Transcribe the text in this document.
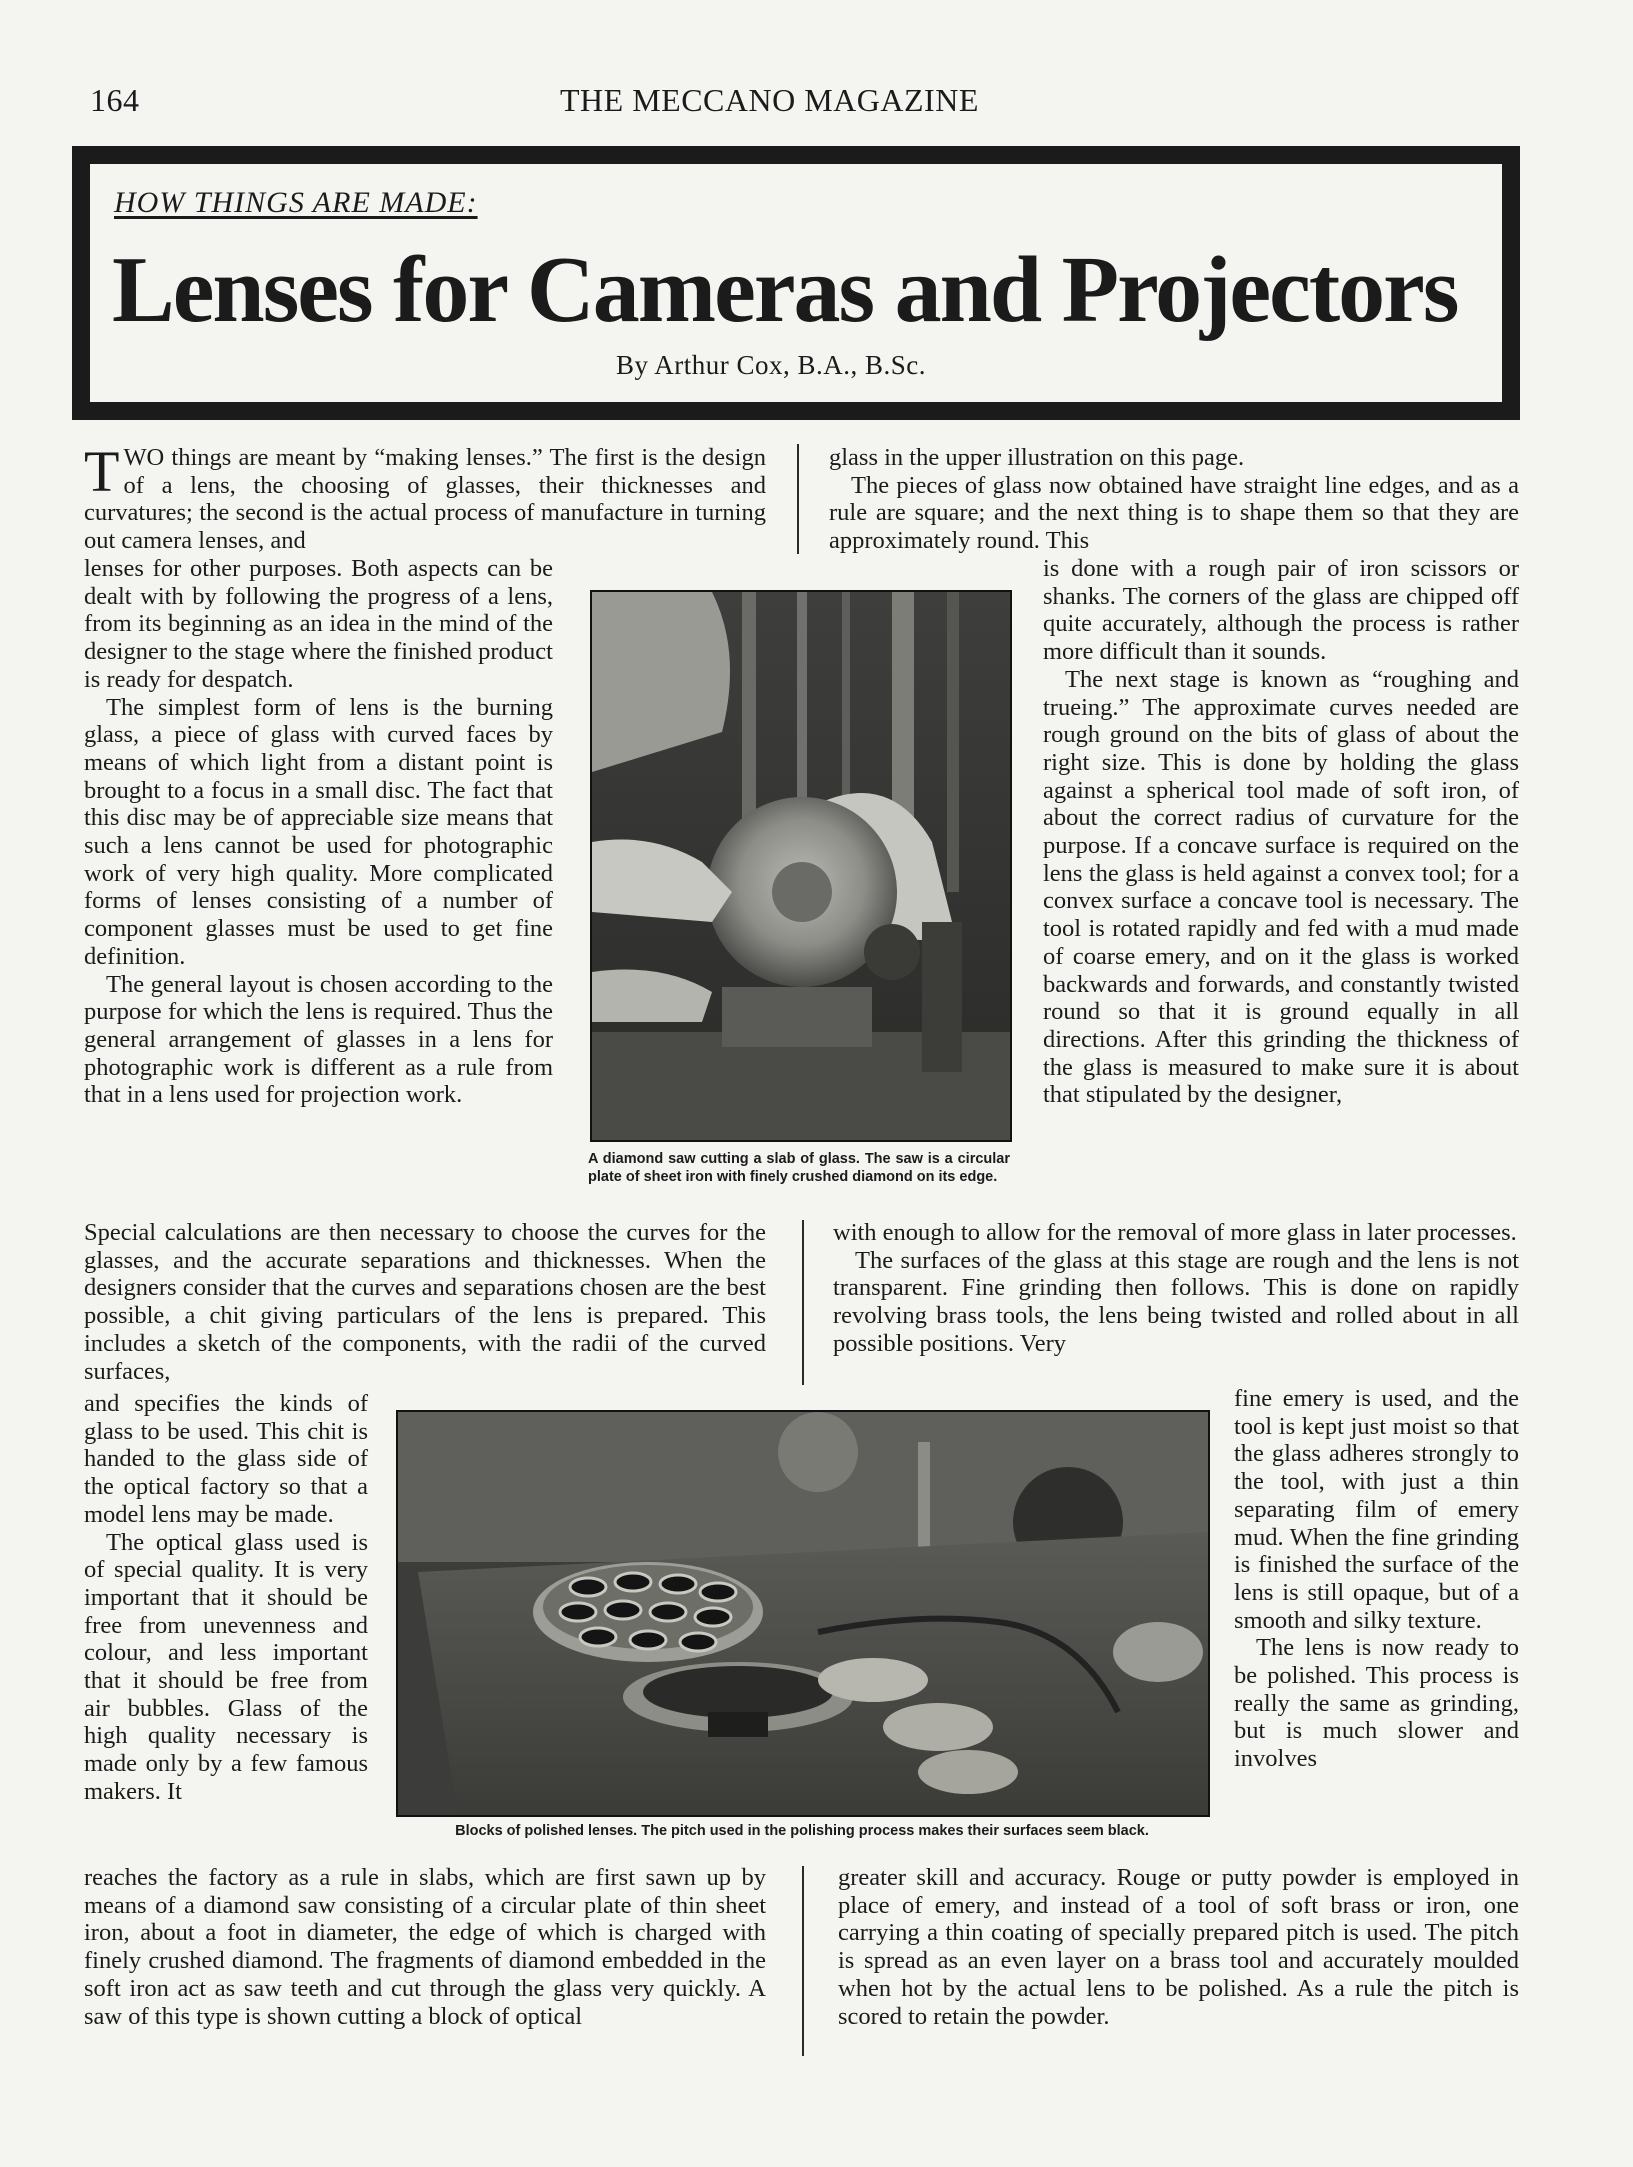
164	THE MECCANO MAGAZINE
HOW THINGS ARE MADE:
Lenses for Cameras and Projectors
By Arthur Cox, B.A., B.Sc.

TWO things are meant by “making lenses.” The first is the design of a lens, the choosing of glasses, their thicknesses and curvatures; the second is the actual process of manufacture in turning out camera lenses, and

lenses for other purposes. Both aspects can be dealt with by following the progress of a lens, from its beginning as an idea in the mind of the designer to the stage where the finished product is ready for despatch.

The simplest form of lens is the burning glass, a piece of glass with curved faces by means of which light from a distant point is brought to a focus in a small disc. The fact that this disc may be of appreciable size means that such a lens cannot be used for photographic work of very high quality. More complicated forms of lenses consisting of a number of component glasses must be used to get fine definition.

The general layout is chosen according to the purpose for which the lens is required. Thus the general arrangement of glasses in a lens for photographic work is different as a rule from that in a lens used for projection work.

Special calculations are then necessary to choose the curves for the glasses, and the accurate separations and thicknesses. When the designers consider that the curves and separations chosen are the best possible, a chit giving particulars of the lens is prepared. This includes a sketch of the components, with the radii of the curved surfaces,

and specifies the kinds of glass to be used. This chit is handed to the glass side of the optical factory so that a model lens may be made.

The optical glass used is of special quality. It is very important that it should be free from unevenness and colour, and less important that it should be free from air bubbles. Glass of the high quality necessary is made only by a few famous makers. It

reaches the factory as a rule in slabs, which are first sawn up by means of a diamond saw consisting of a circular plate of thin sheet iron, about a foot in diameter, the edge of which is charged with finely crushed diamond. The fragments of diamond embedded in the soft iron act as saw teeth and cut through the glass very quickly. A saw of this type is shown cutting a block of optical

glass in the upper illustration on this page.

The pieces of glass now obtained have straight line edges, and as a rule are square; and the next thing is to shape them so that they are approximately round. This

is done with a rough pair of iron scissors or shanks. The corners of the glass are chipped off quite accurately, although the process is rather more difficult than it sounds.

The next stage is known as “roughing and trueing.” The approximate curves needed are rough ground on the bits of glass of about the right size. This is done by holding the glass against a spherical tool made of soft iron, of about the correct radius of curvature for the purpose. If a concave surface is required on the lens the glass is held against a convex tool; for a convex surface a concave tool is necessary. The tool is rotated rapidly and fed with a mud made of coarse emery, and on it the glass is worked backwards and forwards, and constantly twisted round so that it is ground equally in all directions. After this grinding the thickness of the glass is measured to make sure it is about that stipulated by the designer,

with enough to allow for the removal of more glass in later processes.

The surfaces of the glass at this stage are rough and the lens is not transparent. Fine grinding then follows. This is done on rapidly revolving brass tools, the lens being twisted and rolled about in all possible positions. Very

fine emery is used, and the tool is kept just moist so that the glass adheres strongly to the tool, with just a thin separating film of emery mud. When the fine grinding is finished the surface of the lens is still opaque, but of a smooth and silky texture.

The lens is now ready to be polished. This process is really the same as grinding, but is much slower and involves

greater skill and accuracy. Rouge or putty powder is employed in place of emery, and instead of a tool of soft brass or iron, one carrying a thin coating of specially prepared pitch is used. The pitch is spread as an even layer on a brass tool and accurately moulded when hot by the actual lens to be polished. As a rule the pitch is scored to retain the powder.

A diamond saw cutting a slab of glass. The saw is a circular plate of sheet iron with finely crushed diamond on its edge.
Blocks of polished lenses. The pitch used in the polishing process makes their surfaces seem black.
